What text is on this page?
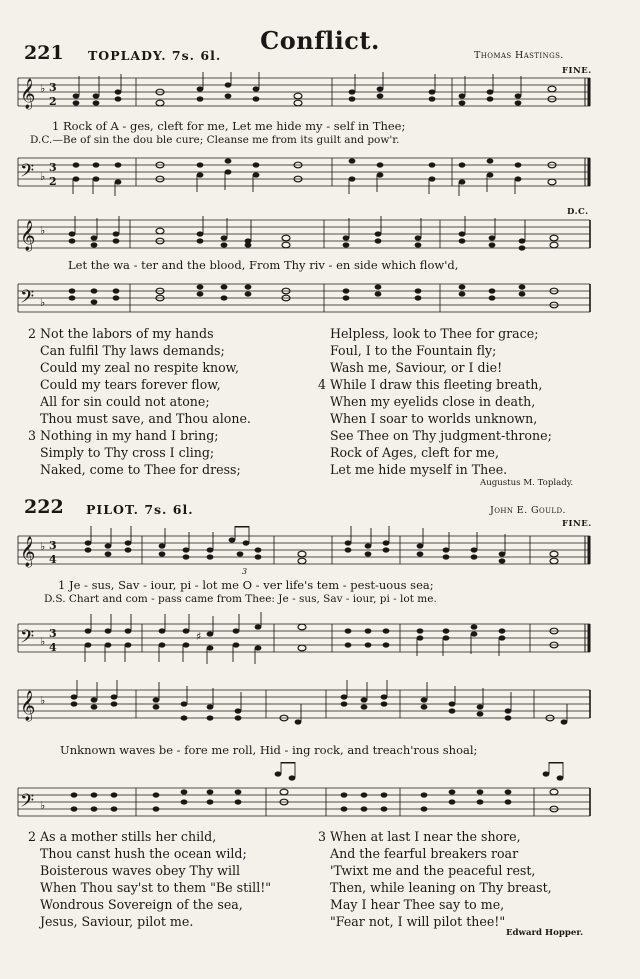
Conflict.
221 TOPLADY. 7s. 6l.	Thomas Hastings.
FINE.
D.C.
𝄞 ♭ 3
2
1 Rock of A - ges, cleft for me, Let me hide my - self in Thee;
D.C.—Be of sin the dou ble cure; Cleanse me from its guilt and pow'r.
𝄢 ♭
3
2
𝄞 ♭
Let the wa - ter and the blood, From Thy riv - en side which flow'd,
𝄢 ♭
2 Not the labors of my hands
Can fulfil Thy laws demands;
Could my zeal no respite know,
Could my tears forever flow,
All for sin could not atone;
Thou must save, and Thou alone.
3 Nothing in my hand I bring;
Simply to Thy cross I cling;
Naked, come to Thee for dress;
Helpless, look to Thee for grace;
Foul, I to the Fountain fly;
Wash me, Saviour, or I die!
4 While I draw this fleeting breath,
When my eyelids close in death,
When I soar to worlds unknown,
See Thee on Thy judgment-throne;
Rock of Ages, cleft for me,
Let me hide myself in Thee.
Augustus M. Toplady.
222 PILOT. 7s. 6l.	John E. Gould.
FINE.
𝄞 ♭ 3
4
3
1 Je - sus, Sav - iour, pi - lot me O - ver life's tem - pest-uous sea;
D.S. Chart and com - pass came from Thee: Je - sus, Sav - iour, pi - lot me.
𝄢 ♭
3
4
♯
𝄞 ♭
Unknown waves be - fore me roll, Hid - ing rock, and treach'rous shoal;
𝄢 ♭
2 As a mother stills her child,
Thou canst hush the ocean wild;
Boisterous waves obey Thy will
When Thou say'st to them "Be still!"
Wondrous Sovereign of the sea,
Jesus, Saviour, pilot me.
3 When at last I near the shore,
And the fearful breakers roar
'Twixt me and the peaceful rest,
Then, while leaning on Thy breast,
May I hear Thee say to me,
"Fear not, I will pilot thee!"
Edward Hopper.
